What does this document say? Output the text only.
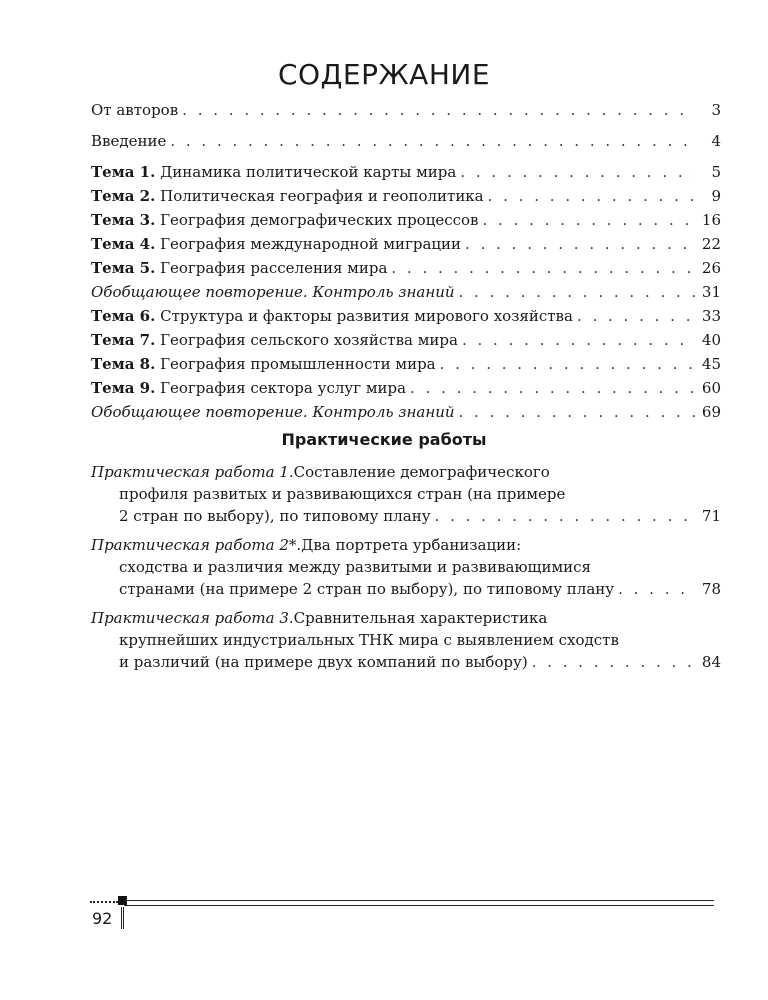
СОДЕРЖАНИЕ
От авторов . . .	3
Введение . . .	4
Тема 1. Динамика политической карты мира . . .	5
Тема 2. Политическая география и геополитика . . .	9
Тема 3. География демографических процессов . . .	16
Тема 4. География международной миграции . . .	22
Тема 5. География расселения мира . . .	26
Обобщающее повторение. Контроль знаний . . .	31
Тема 6. Структура и факторы развития мирового хозяйства . . .	33
Тема 7. География сельского хозяйства мира . . .	40
Тема 8. География промышленности мира . . .	45
Тема 9. География сектора услуг мира . . .	60
Обобщающее повторение. Контроль знаний . . .	69
Практические работы
Практическая работа 1. Составление демографического
профиля развитых и развивающихся стран (на примере
2 стран по выбору), по типовому плану . . .	71
Практическая работа 2*. Два портрета урбанизации:
сходства и различия между развитыми и развивающимися
странами (на примере 2 стран по выбору), по типовому плану . . .	78
Практическая работа 3. Сравнительная характеристика
крупнейших индустриальных ТНК мира с выявлением сходств
и различий (на примере двух компаний по выбору) . . .	84
92
